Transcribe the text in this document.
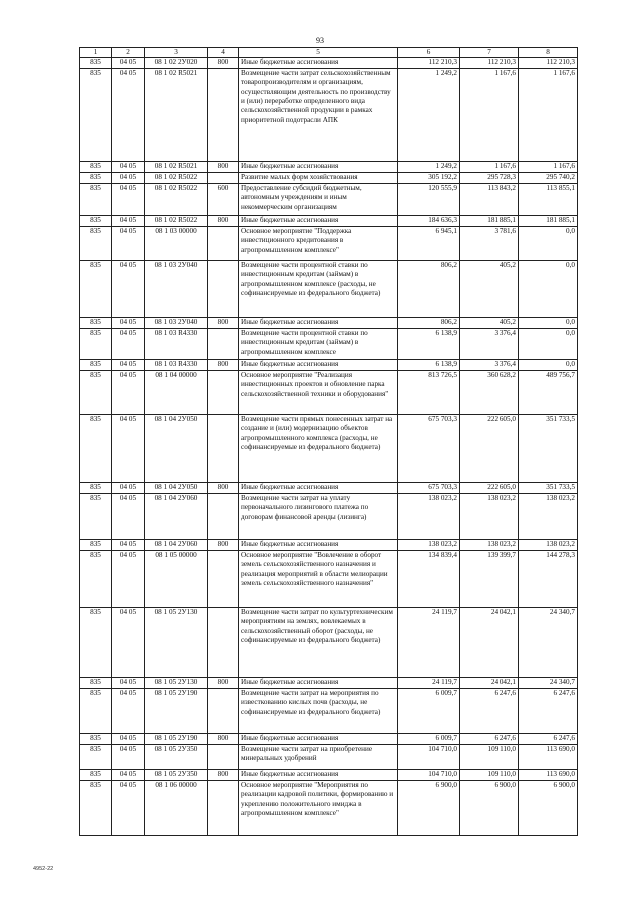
93
1	2	3	4	5	6	7	8
835	04 05	08 1 02 2У020	800	Иные бюджетные ассигнования	112 210,3	112 210,3	112 210,3
835	04 05	08 1 02 R5021		Возмещение части затрат сельскохозяйственным товаропроизводителям и организациям, осуществляющим деятельность по производству и (или) переработке определенного вида сельскохозяйственной продукции в рамках приоритетной подотрасли АПК	1 249,2	1 167,6	1 167,6
835	04 05	08 1 02 R5021	800	Иные бюджетные ассигнования	1 249,2	1 167,6	1 167,6
835	04 05	08 1 02 R5022		Развитие малых форм хозяйствования	305 192,2	295 728,3	295 740,2
835	04 05	08 1 02 R5022	600	Предоставление субсидий бюджетным, автономным учреждениям и иным некоммерческим организациям	120 555,9	113 843,2	113 855,1
835	04 05	08 1 02 R5022	800	Иные бюджетные ассигнования	184 636,3	181 885,1	181 885,1
835	04 05	08 1 03 00000		Основное мероприятие "Поддержка инвестиционного кредитования в агропромышленном комплексе"	6 945,1	3 781,6	0,0
835	04 05	08 1 03 2У040		Возмещение части процентной ставки по инвестиционным кредитам (займам) в агропромышленном комплексе (расходы, не софинансируемые из федерального бюджета)	806,2	405,2	0,0
835	04 05	08 1 03 2У040	800	Иные бюджетные ассигнования	806,2	405,2	0,0
835	04 05	08 1 03 R4330		Возмещение части процентной ставки по инвестиционным кредитам (займам) в агропромышленном комплексе	6 138,9	3 376,4	0,0
835	04 05	08 1 03 R4330	800	Иные бюджетные ассигнования	6 138,9	3 376,4	0,0
835	04 05	08 1 04 00000		Основное мероприятие "Реализация инвестиционных проектов и обновление парка сельскохозяйственной техники и оборудования"	813 726,5	360 628,2	489 756,7
835	04 05	08 1 04 2У050		Возмещение части прямых понесенных затрат на создание и (или) модернизацию объектов агропромышленного комплекса (расходы, не софинансируемые из федерального бюджета)	675 703,3	222 605,0	351 733,5
835	04 05	08 1 04 2У050	800	Иные бюджетные ассигнования	675 703,3	222 605,0	351 733,5
835	04 05	08 1 04 2У060		Возмещение части затрат на уплату первоначального лизингового платежа по договорам финансовой аренды (лизинга)	138 023,2	138 023,2	138 023,2
835	04 05	08 1 04 2У060	800	Иные бюджетные ассигнования	138 023,2	138 023,2	138 023,2
835	04 05	08 1 05 00000		Основное мероприятие "Вовлечение в оборот земель сельскохозяйственного назначения и реализация мероприятий в области мелиорации земель сельскохозяйственного назначения"	134 839,4	139 399,7	144 278,3
835	04 05	08 1 05 2У130		Возмещение части затрат по культуртехническим мероприятиям на землях, вовлекаемых в сельскохозяйственный оборот (расходы, не софинансируемые из федерального бюджета)	24 119,7	24 042,1	24 340,7
835	04 05	08 1 05 2У130	800	Иные бюджетные ассигнования	24 119,7	24 042,1	24 340,7
835	04 05	08 1 05 2У190		Возмещение части затрат на мероприятия по известкованию кислых почв (расходы, не софинансируемые из федерального бюджета)	6 009,7	6 247,6	6 247,6
835	04 05	08 1 05 2У190	800	Иные бюджетные ассигнования	6 009,7	6 247,6	6 247,6
835	04 05	08 1 05 2У350		Возмещение части затрат на приобретение минеральных удобрений	104 710,0	109 110,0	113 690,0
835	04 05	08 1 05 2У350	800	Иные бюджетные ассигнования	104 710,0	109 110,0	113 690,0
835	04 05	08 1 06 00000		Основное мероприятие "Мероприятия по реализации кадровой политики, формированию и укреплению положительного имиджа в агропромышленном комплексе"	6 900,0	6 900,0	6 900,0
4952-22
